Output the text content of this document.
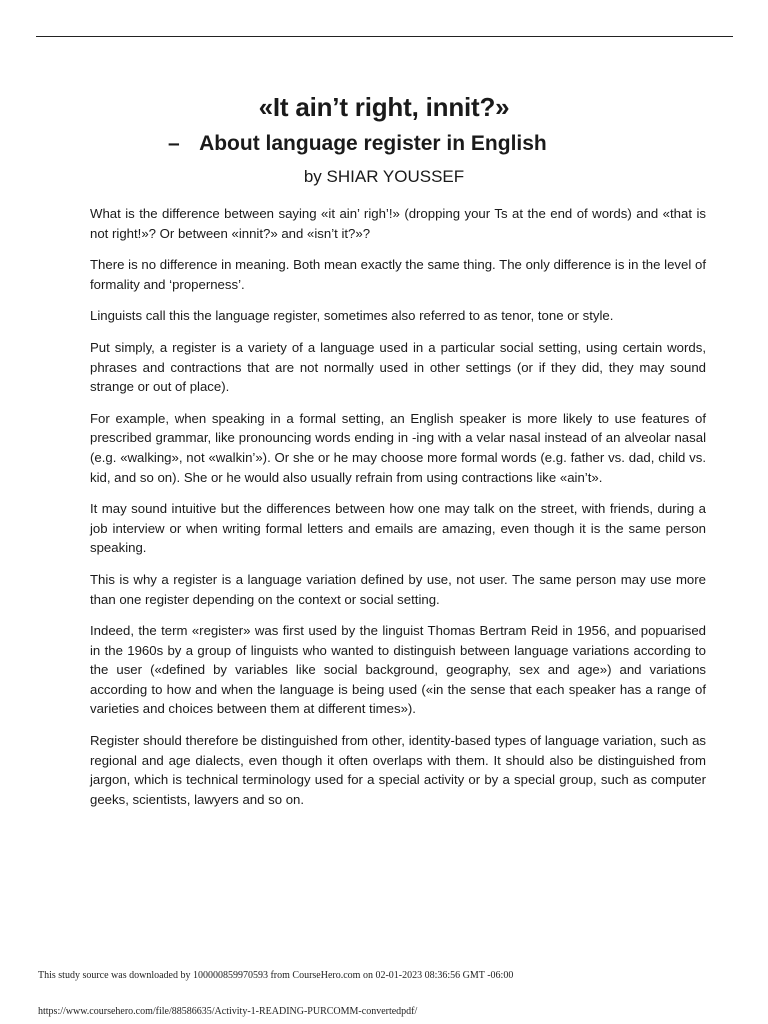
«It ain’t right, innit?»
– About language register in English
by SHIAR YOUSSEF

What is the difference between saying «it ain’ righ’!» (dropping your Ts at the end of words) and «that is not right!»? Or between «innit?» and «isn’t it?»?

There is no difference in meaning. Both mean exactly the same thing. The only difference is in the level of formality and ‘properness’.

Linguists call this the language register, sometimes also referred to as tenor, tone or style.

Put simply, a register is a variety of a language used in a particular social setting, using certain words, phrases and contractions that are not normally used in other settings (or if they did, they may sound strange or out of place).

For example, when speaking in a formal setting, an English speaker is more likely to use features of prescribed grammar, like pronouncing words ending in -ing with a velar nasal instead of an alveolar nasal (e.g. «walking», not «walkin’»). Or she or he may choose more formal words (e.g. father vs. dad, child vs. kid, and so on). She or he would also usually refrain from using contractions like «ain’t».

It may sound intuitive but the differences between how one may talk on the street, with friends, during a job interview or when writing formal letters and emails are amazing, even though it is the same person speaking.

This is why a register is a language variation defined by use, not user. The same person may use more than one register depending on the context or social setting.

Indeed, the term «register» was first used by the linguist Thomas Bertram Reid in 1956, and popuarised in the 1960s by a group of linguists who wanted to distinguish between language variations according to the user («defined by variables like social background, geography, sex and age») and variations according to how and when the language is being used («in the sense that each speaker has a range of varieties and choices between them at different times»).

Register should therefore be distinguished from other, identity-based types of language variation, such as regional and age dialects, even though it often overlaps with them. It should also be distinguished from jargon, which is technical terminology used for a special activity or by a special group, such as computer geeks, scientists, lawyers and so on.

This study source was downloaded by 100000859970593 from CourseHero.com on 02-01-2023 08:36:56 GMT -06:00
https://www.coursehero.com/file/88586635/Activity-1-READING-PURCOMM-convertedpdf/
